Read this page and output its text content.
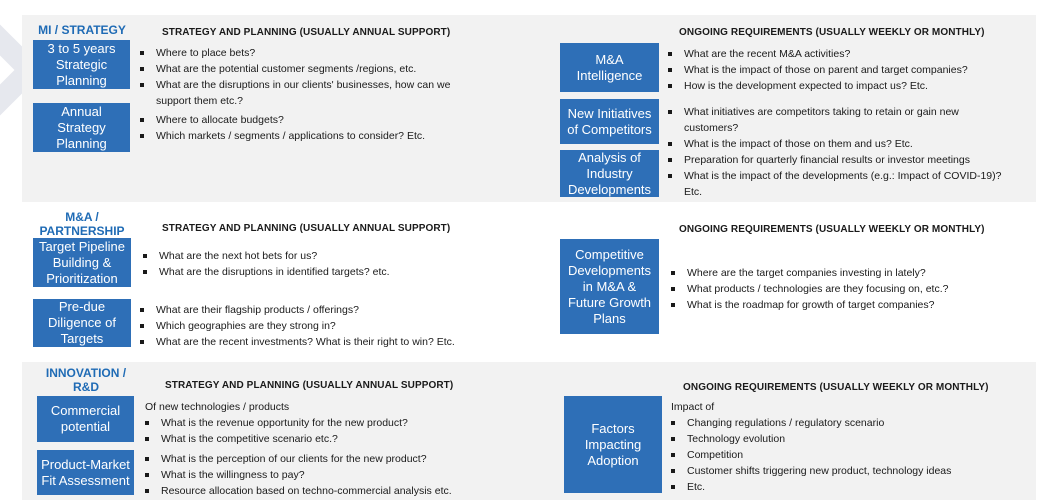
MI / STRATEGY	STRATEGY AND PLANNING (USUALLY ANNUAL SUPPORT)	ONGOING REQUIREMENTS (USUALLY WEEKLY OR MONTHLY)
3 to 5 years Strategic Planning
Where to place bets?
What are the potential customer segments /regions, etc.
What are the disruptions in our clients' businesses, how can we support them etc.?
Annual Strategy Planning
Where to allocate budgets?
Which markets / segments / applications to consider? Etc.
M&A Intelligence
What are the recent M&A activities?
What is the impact of those on parent and target companies?
How is the development expected to impact us? Etc.
New Initiatives of Competitors
What initiatives are competitors taking to retain or gain new customers?
What is the impact of those on them and us? Etc.
Analysis of Industry Developments
Preparation for quarterly financial results or investor meetings
What is the impact of the developments (e.g.: Impact of COVID-19)? Etc.
M&A / PARTNERSHIP	STRATEGY AND PLANNING (USUALLY ANNUAL SUPPORT)	ONGOING REQUIREMENTS (USUALLY WEEKLY OR MONTHLY)
Target Pipeline Building & Prioritization
What are the next hot bets for us?
What are the disruptions in identified targets? etc.
Pre-due Diligence of Targets
What are their flagship products / offerings?
Which geographies are they strong in?
What are the recent investments? What is their right to win? Etc.
Competitive Developments in M&A & Future Growth Plans
Where are the target companies investing in lately?
What products / technologies are they focusing on, etc.?
What is the roadmap for growth of target companies?
INNOVATION / R&D	STRATEGY AND PLANNING (USUALLY ANNUAL SUPPORT)	ONGOING REQUIREMENTS (USUALLY WEEKLY OR MONTHLY)
Of new technologies / products
Commercial potential	What is the revenue opportunity for the new product?
What is the competitive scenario etc.?
Product-Market Fit Assessment
What is the perception of our clients for the new product?
What is the willingness to pay?
Resource allocation based on techno-commercial analysis etc.
Impact of
Factors Impacting Adoption
Changing regulations / regulatory scenario
Technology evolution
Competition
Customer shifts triggering new product, technology ideas
Etc.
